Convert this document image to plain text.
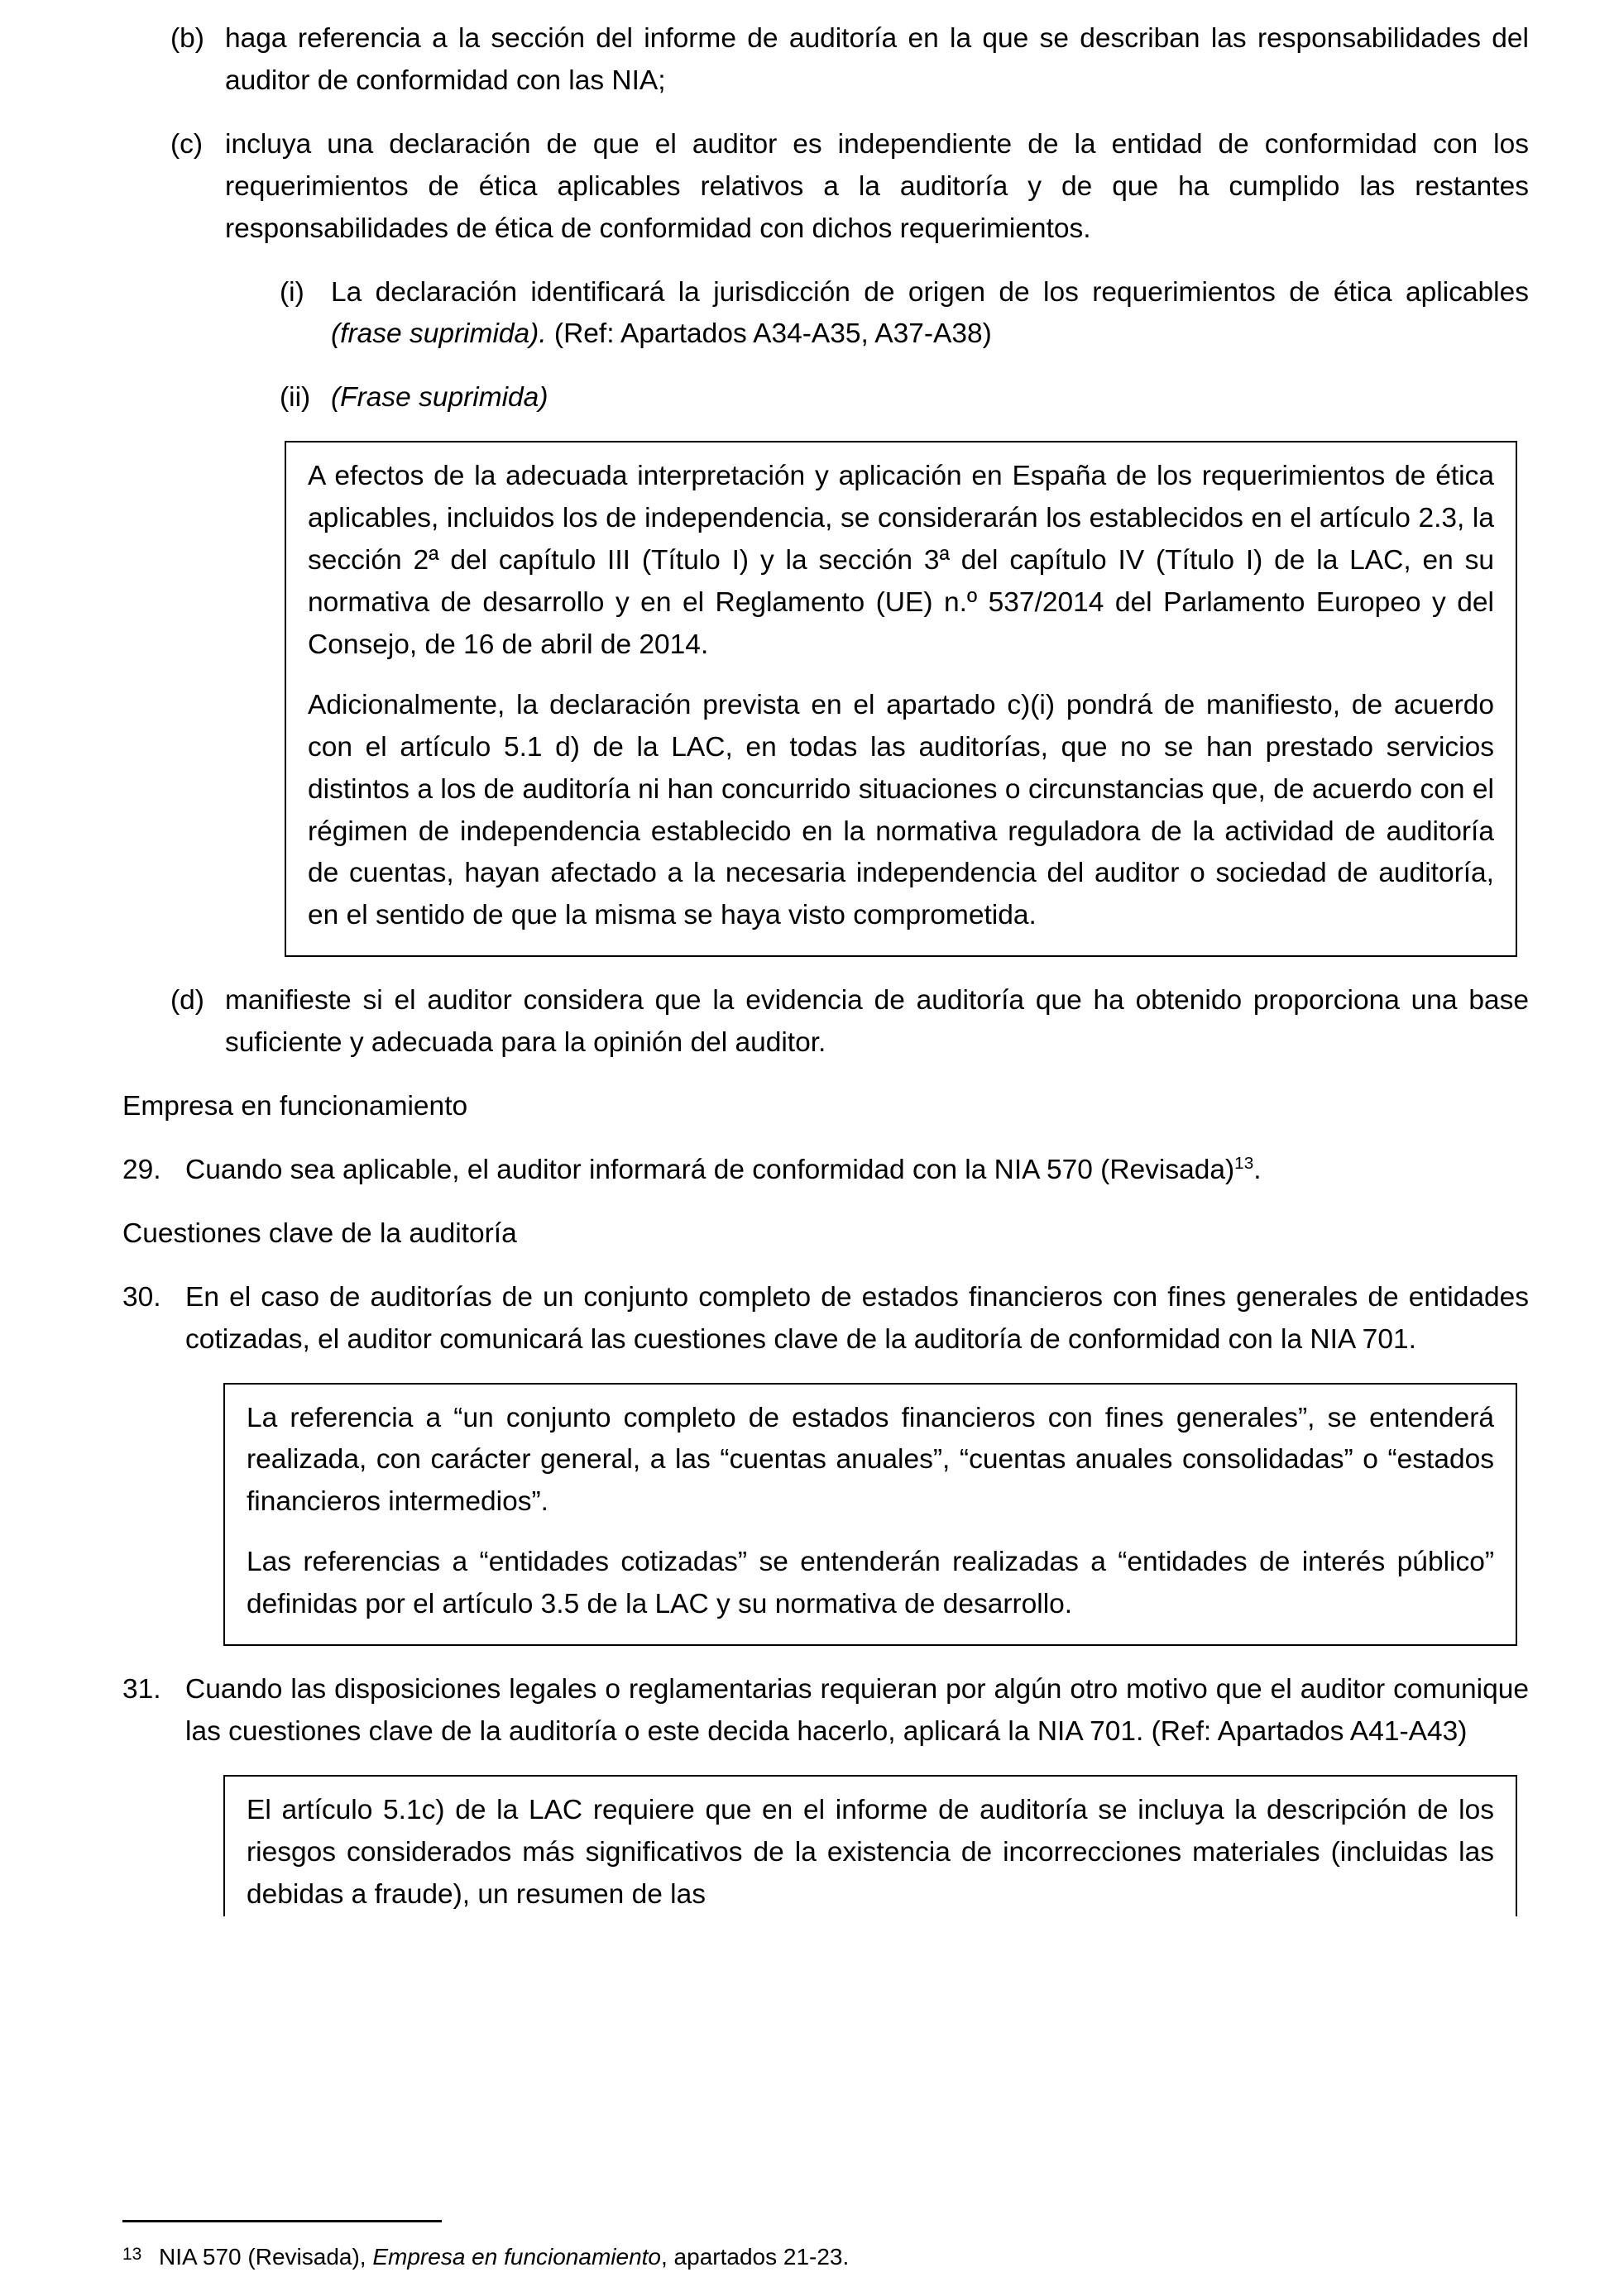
(b) haga referencia a la sección del informe de auditoría en la que se describan las responsabilidades del auditor de conformidad con las NIA;
(c) incluya una declaración de que el auditor es independiente de la entidad de conformidad con los requerimientos de ética aplicables relativos a la auditoría y de que ha cumplido las restantes responsabilidades de ética de conformidad con dichos requerimientos.
(i) La declaración identificará la jurisdicción de origen de los requerimientos de ética aplicables (frase suprimida). (Ref: Apartados A34-A35, A37-A38)
(ii) (Frase suprimida)

A efectos de la adecuada interpretación y aplicación en España de los requerimientos de ética aplicables, incluidos los de independencia, se considerarán los establecidos en el artículo 2.3, la sección 2ª del capítulo III (Título I) y la sección 3ª del capítulo IV (Título I) de la LAC, en su normativa de desarrollo y en el Reglamento (UE) n.º 537/2014 del Parlamento Europeo y del Consejo, de 16 de abril de 2014.

Adicionalmente, la declaración prevista en el apartado c)(i) pondrá de manifiesto, de acuerdo con el artículo 5.1 d) de la LAC, en todas las auditorías, que no se han prestado servicios distintos a los de auditoría ni han concurrido situaciones o circunstancias que, de acuerdo con el régimen de independencia establecido en la normativa reguladora de la actividad de auditoría de cuentas, hayan afectado a la necesaria independencia del auditor o sociedad de auditoría, en el sentido de que la misma se haya visto comprometida.

(d) manifieste si el auditor considera que la evidencia de auditoría que ha obtenido proporciona una base suficiente y adecuada para la opinión del auditor.
Empresa en funcionamiento
29. Cuando sea aplicable, el auditor informará de conformidad con la NIA 570 (Revisada)$^{13}$.
Cuestiones clave de la auditoría
30. En el caso de auditorías de un conjunto completo de estados financieros con fines generales de entidades cotizadas, el auditor comunicará las cuestiones clave de la auditoría de conformidad con la NIA 701.

La referencia a “un conjunto completo de estados financieros con fines generales”, se entenderá realizada, con carácter general, a las “cuentas anuales”, “cuentas anuales consolidadas” o “estados financieros intermedios”.

Las referencias a “entidades cotizadas” se entenderán realizadas a “entidades de interés público” definidas por el artículo 3.5 de la LAC y su normativa de desarrollo.

31. Cuando las disposiciones legales o reglamentarias requieran por algún otro motivo que el auditor comunique las cuestiones clave de la auditoría o este decida hacerlo, aplicará la NIA 701. (Ref: Apartados A41-A43)

El artículo 5.1c) de la LAC requiere que en el informe de auditoría se incluya la descripción de los riesgos considerados más significativos de la existencia de incorrecciones materiales (incluidas las debidas a fraude), un resumen de las

13 NIA 570 (Revisada), Empresa en funcionamiento, apartados 21-23.
